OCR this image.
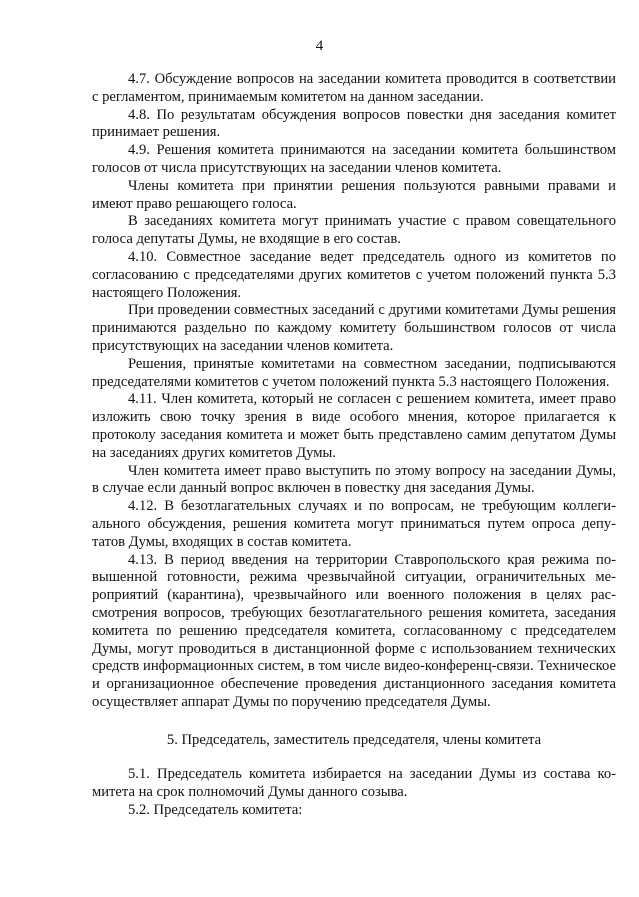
4

4.7. Обсуждение вопросов на заседании комитета проводится в соответствии с регламентом, принимаемым комитетом на данном заседании.

4.8. По результатам обсуждения вопросов повестки дня заседания комитет принимает решения.

4.9. Решения комитета принимаются на заседании комитета большинством голосов от числа присутствующих на заседании членов комитета.

Члены комитета при принятии решения пользуются равными правами и имеют право решающего голоса.

В заседаниях комитета могут принимать участие с правом совещательного голоса депутаты Думы, не входящие в его состав.

4.10. Совместное заседание ведет председатель одного из комитетов по согласованию с председателями других комитетов с учетом положений пункта 5.3 настоящего Положения.

При проведении совместных заседаний с другими комитетами Думы решения принимаются раздельно по каждому комитету большинством голосов от числа присутствующих на заседании членов комитета.

Решения, принятые комитетами на совместном заседании, подписываются председателями комитетов с учетом положений пункта 5.3 настоящего Положения.

4.11. Член комитета, который не согласен с решением комитета, имеет право изложить свою точку зрения в виде особого мнения, которое прилагается к протоколу заседания комитета и может быть представлено самим депутатом Думы на заседаниях других комитетов Думы.

Член комитета имеет право выступить по этому вопросу на заседании Думы, в случае если данный вопрос включен в повестку дня заседания Думы.

4.12. В безотлагательных случаях и по вопросам, не требующим коллегиального обсуждения, решения комитета могут приниматься путем опроса депутатов Думы, входящих в состав комитета.

4.13. В период введения на территории Ставропольского края режима повышенной готовности, режима чрезвычайной ситуации, ограничительных мероприятий (карантина), чрезвычайного или военного положения в целях рассмотрения вопросов, требующих безотлагательного решения комитета, заседания комитета по решению председателя комитета, согласованному с председателем Думы, могут проводиться в дистанционной форме с использованием технических средств информационных систем, в том числе видео-конференц-связи. Техническое и организационное обеспечение проведения дистанционного заседания комитета осуществляет аппарат Думы по поручению председателя Думы.

5. Председатель, заместитель председателя, члены комитета

5.1. Председатель комитета избирается на заседании Думы из состава комитета на срок полномочий Думы данного созыва.

5.2. Председатель комитета:
